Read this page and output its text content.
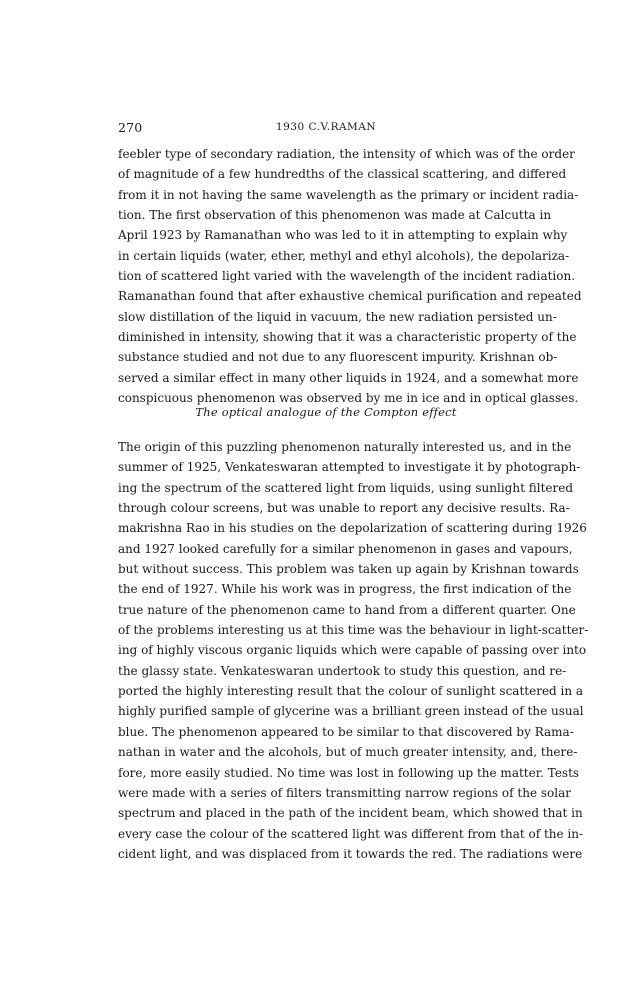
270	1930 C.V.RAMAN
feebler type of secondary radiation, the intensity of which was of the order
of magnitude of a few hundredths of the classical scattering, and differed
from it in not having the same wavelength as the primary or incident radia-
tion. The first observation of this phenomenon was made at Calcutta in
April 1923 by Ramanathan who was led to it in attempting to explain why
in certain liquids (water, ether, methyl and ethyl alcohols), the depolariza-
tion of scattered light varied with the wavelength of the incident radiation.
Ramanathan found that after exhaustive chemical purification and repeated
slow distillation of the liquid in vacuum, the new radiation persisted un-
diminished in intensity, showing that it was a characteristic property of the
substance studied and not due to any fluorescent impurity. Krishnan ob-
served a similar effect in many other liquids in 1924, and a somewhat more
conspicuous phenomenon was observed by me in ice and in optical glasses.
The optical analogue of the Compton effect
The origin of this puzzling phenomenon naturally interested us, and in the
summer of 1925, Venkateswaran attempted to investigate it by photograph-
ing the spectrum of the scattered light from liquids, using sunlight filtered
through colour screens, but was unable to report any decisive results. Ra-
makrishna Rao in his studies on the depolarization of scattering during 1926
and 1927 looked carefully for a similar phenomenon in gases and vapours,
but without success. This problem was taken up again by Krishnan towards
the end of 1927. While his work was in progress, the first indication of the
true nature of the phenomenon came to hand from a different quarter. One
of the problems interesting us at this time was the behaviour in light-scatter-
ing of highly viscous organic liquids which were capable of passing over into
the glassy state. Venkateswaran undertook to study this question, and re-
ported the highly interesting result that the colour of sunlight scattered in a
highly purified sample of glycerine was a brilliant green instead of the usual
blue. The phenomenon appeared to be similar to that discovered by Rama-
nathan in water and the alcohols, but of much greater intensity, and, there-
fore, more easily studied. No time was lost in following up the matter. Tests
were made with a series of filters transmitting narrow regions of the solar
spectrum and placed in the path of the incident beam, which showed that in
every case the colour of the scattered light was different from that of the in-
cident light, and was displaced from it towards the red. The radiations were
